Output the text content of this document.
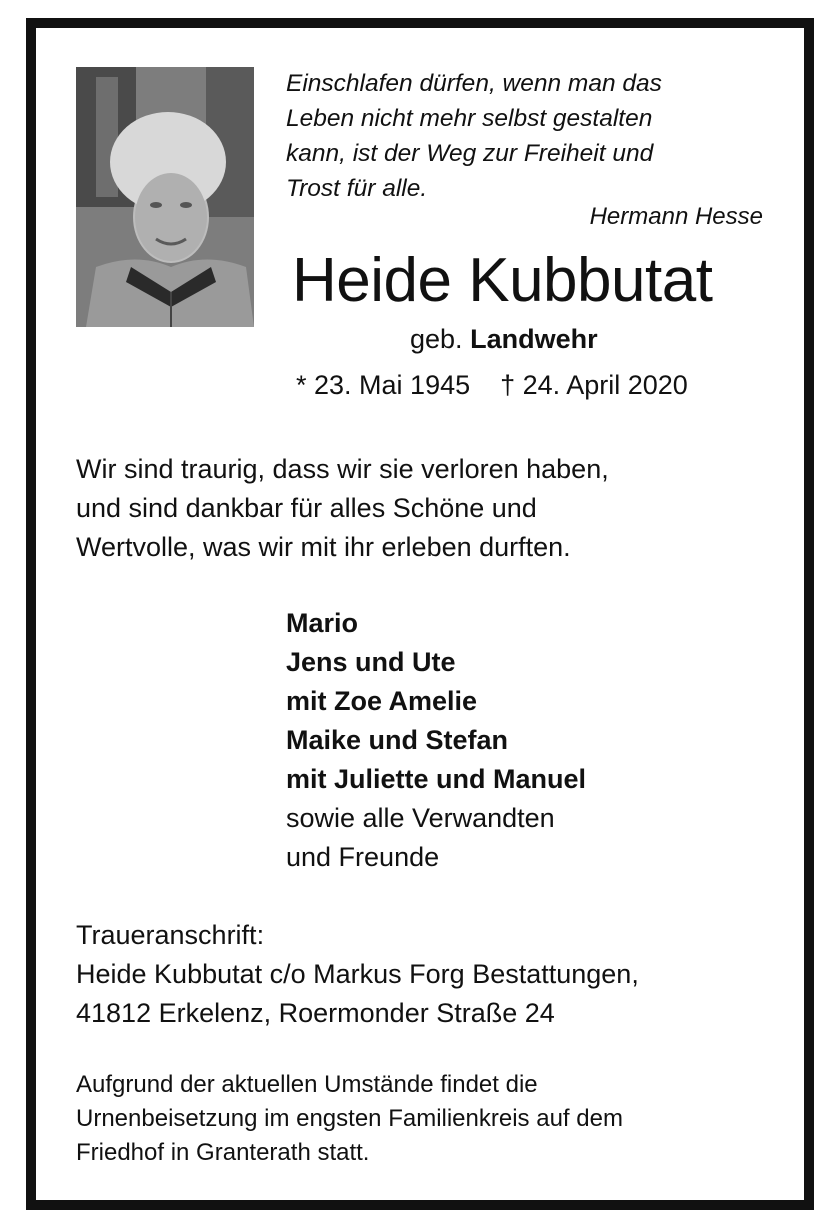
Einschlafen dürfen, wenn man das
Leben nicht mehr selbst gestalten
kann, ist der Weg zur Freiheit und
Trost für alle.
Hermann Hesse
Heide Kubbutat
geb. Landwehr
* 23. Mai 1945 † 24. April 2020
Wir sind traurig, dass wir sie verloren haben,
und sind dankbar für alles Schöne und
Wertvolle, was wir mit ihr erleben durften.
Mario
Jens und Ute
mit Zoe Amelie
Maike und Stefan
mit Juliette und Manuel
sowie alle Verwandten
und Freunde
Traueranschrift:
Heide Kubbutat c/o Markus Forg Bestattungen,
41812 Erkelenz, Roermonder Straße 24
Aufgrund der aktuellen Umstände findet die
Urnenbeisetzung im engsten Familienkreis auf dem
Friedhof in Granterath statt.
